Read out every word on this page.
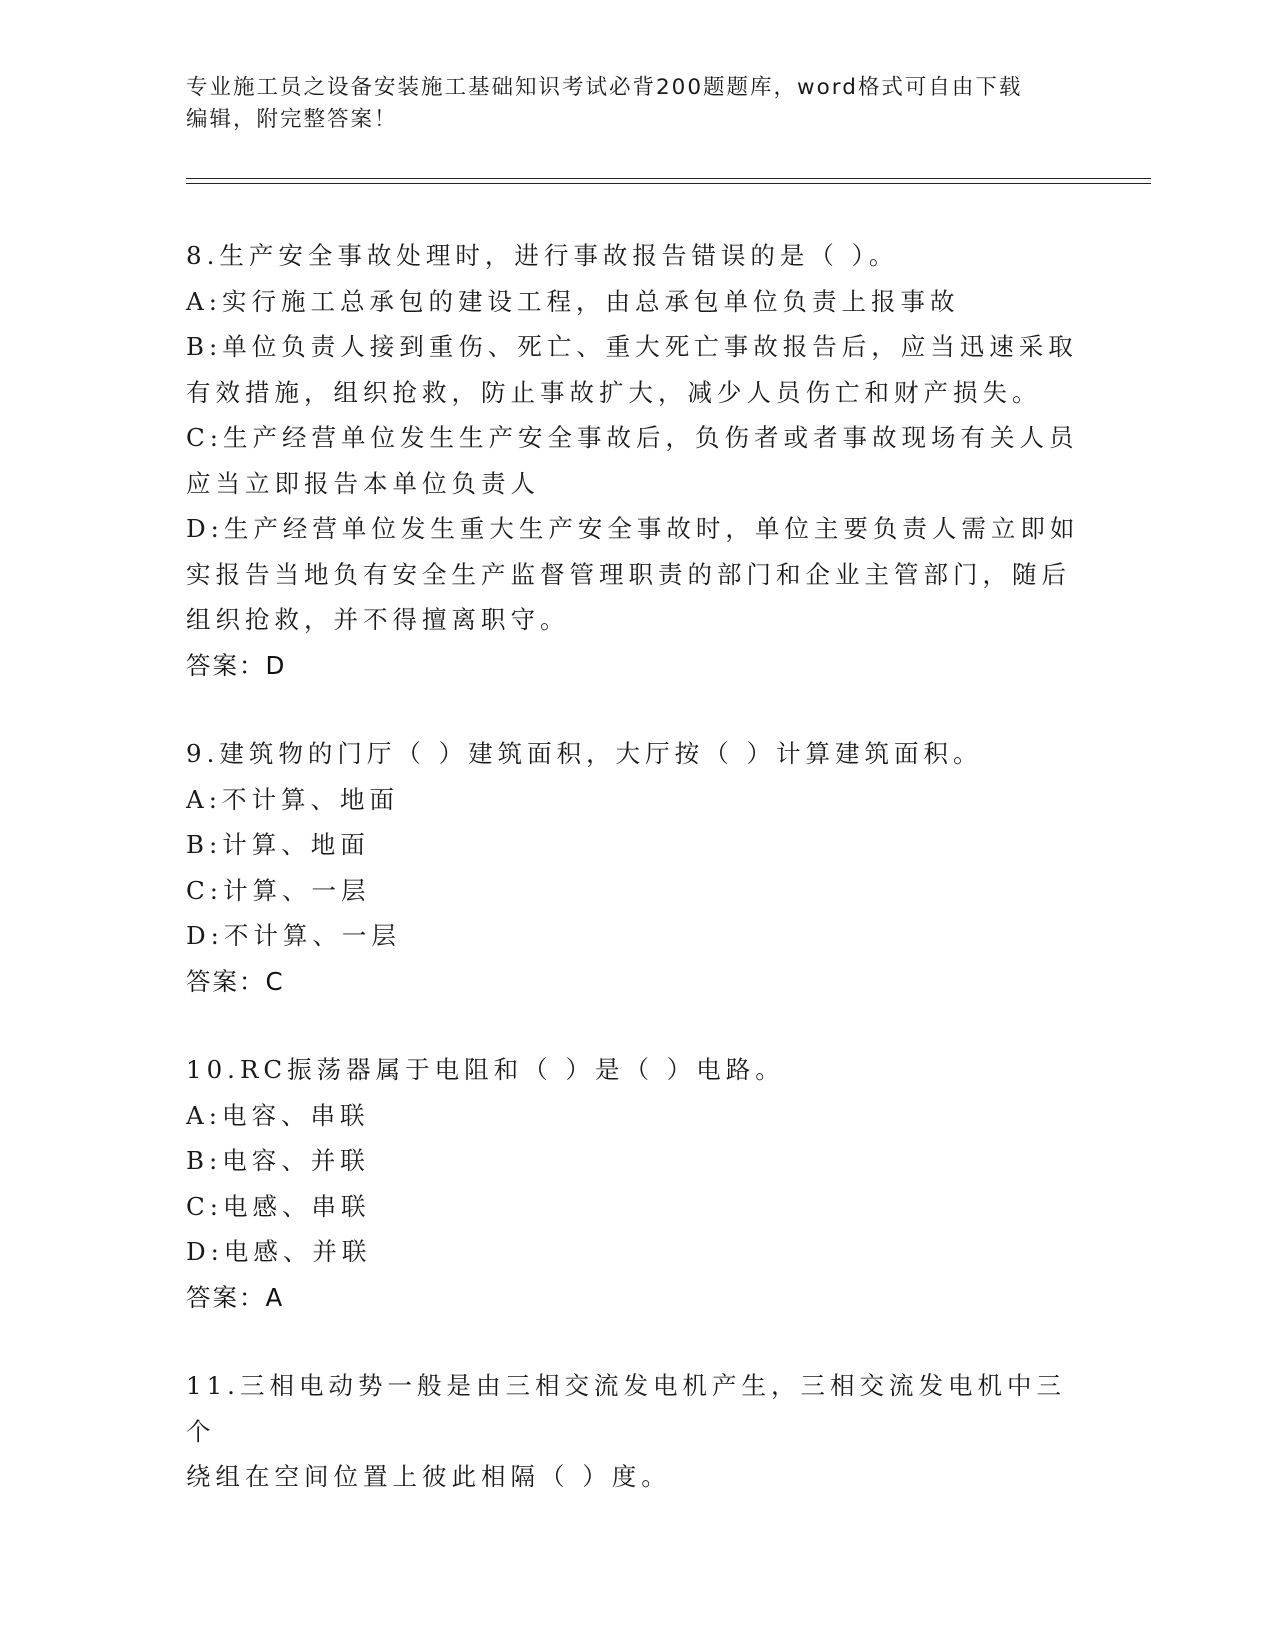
专业施工员之设备安装施工基础知识考试必背200题题库，word格式可自由下载
编辑，附完整答案！
8.生产安全事故处理时，进行事故报告错误的是（ ）。
A:实行施工总承包的建设工程，由总承包单位负责上报事故
B:单位负责人接到重伤、死亡、重大死亡事故报告后，应当迅速采取
有效措施，组织抢救，防止事故扩大，减少人员伤亡和财产损失。
C:生产经营单位发生生产安全事故后，负伤者或者事故现场有关人员
应当立即报告本单位负责人
D:生产经营单位发生重大生产安全事故时，单位主要负责人需立即如
实报告当地负有安全生产监督管理职责的部门和企业主管部门，随后
组织抢救，并不得擅离职守。
答案：D
9.建筑物的门厅（ ）建筑面积，大厅按（ ）计算建筑面积。
A:不计算、地面
B:计算、地面
C:计算、一层
D:不计算、一层
答案：C
10.RC振荡器属于电阻和（ ）是（ ）电路。
A:电容、串联
B:电容、并联
C:电感、串联
D:电感、并联
答案：A
11.三相电动势一般是由三相交流发电机产生，三相交流发电机中三个
绕组在空间位置上彼此相隔（ ）度。
